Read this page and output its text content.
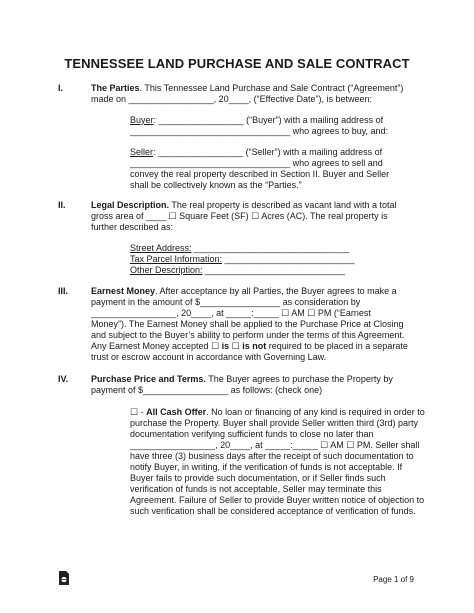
TENNESSEE LAND PURCHASE AND SALE CONTRACT
I.	The Parties. This Tennessee Land Purchase and Sale Contract (“Agreement”)
made on _________________, 20____, (“Effective Date”), is between:
Buyer: _________________ (“Buyer”) with a mailing address of
________________________________ who agrees to buy, and:
Seller: _________________ (“Seller”) with a mailing address of
________________________________ who agrees to sell and
convey the real property described in Section II. Buyer and Seller
shall be collectively known as the “Parties.”
II.	Legal Description. The real property is described as vacant land with a total
gross area of ____ ☐ Square Feet (SF) ☐ Acres (AC). The real property is
further described as:
Street Address: _______________________________
Tax Parcel Information: __________________________
Other Description: ____________________________
III.	Earnest Money. After acceptance by all Parties, the Buyer agrees to make a
payment in the amount of $________________ as consideration by
_________________, 20____, at _____:_____ ☐ AM ☐ PM (“Earnest
Money”). The Earnest Money shall be applied to the Purchase Price at Closing
and subject to the Buyer’s ability to perform under the terms of this Agreement.
Any Earnest Money accepted ☐ is ☐ is not required to be placed in a separate
trust or escrow account in accordance with Governing Law.
IV.	Purchase Price and Terms. The Buyer agrees to purchase the Property by
payment of $_________________ as follows: (check one)
☐ - All Cash Offer. No loan or financing of any kind is required in order to
purchase the Property. Buyer shall provide Seller written third (3rd) party
documentation verifying sufficient funds to close no later than
_________________, 20____, at _____:_____ ☐ AM ☐ PM. Seller shall
have three (3) business days after the receipt of such documentation to
notify Buyer, in writing, if the verification of funds is not acceptable. If
Buyer fails to provide such documentation, or if Seller finds such
verification of funds is not acceptable, Seller may terminate this
Agreement. Failure of Seller to provide Buyer written notice of objection to
such verification shall be considered acceptance of verification of funds.
Page 1 of 9
